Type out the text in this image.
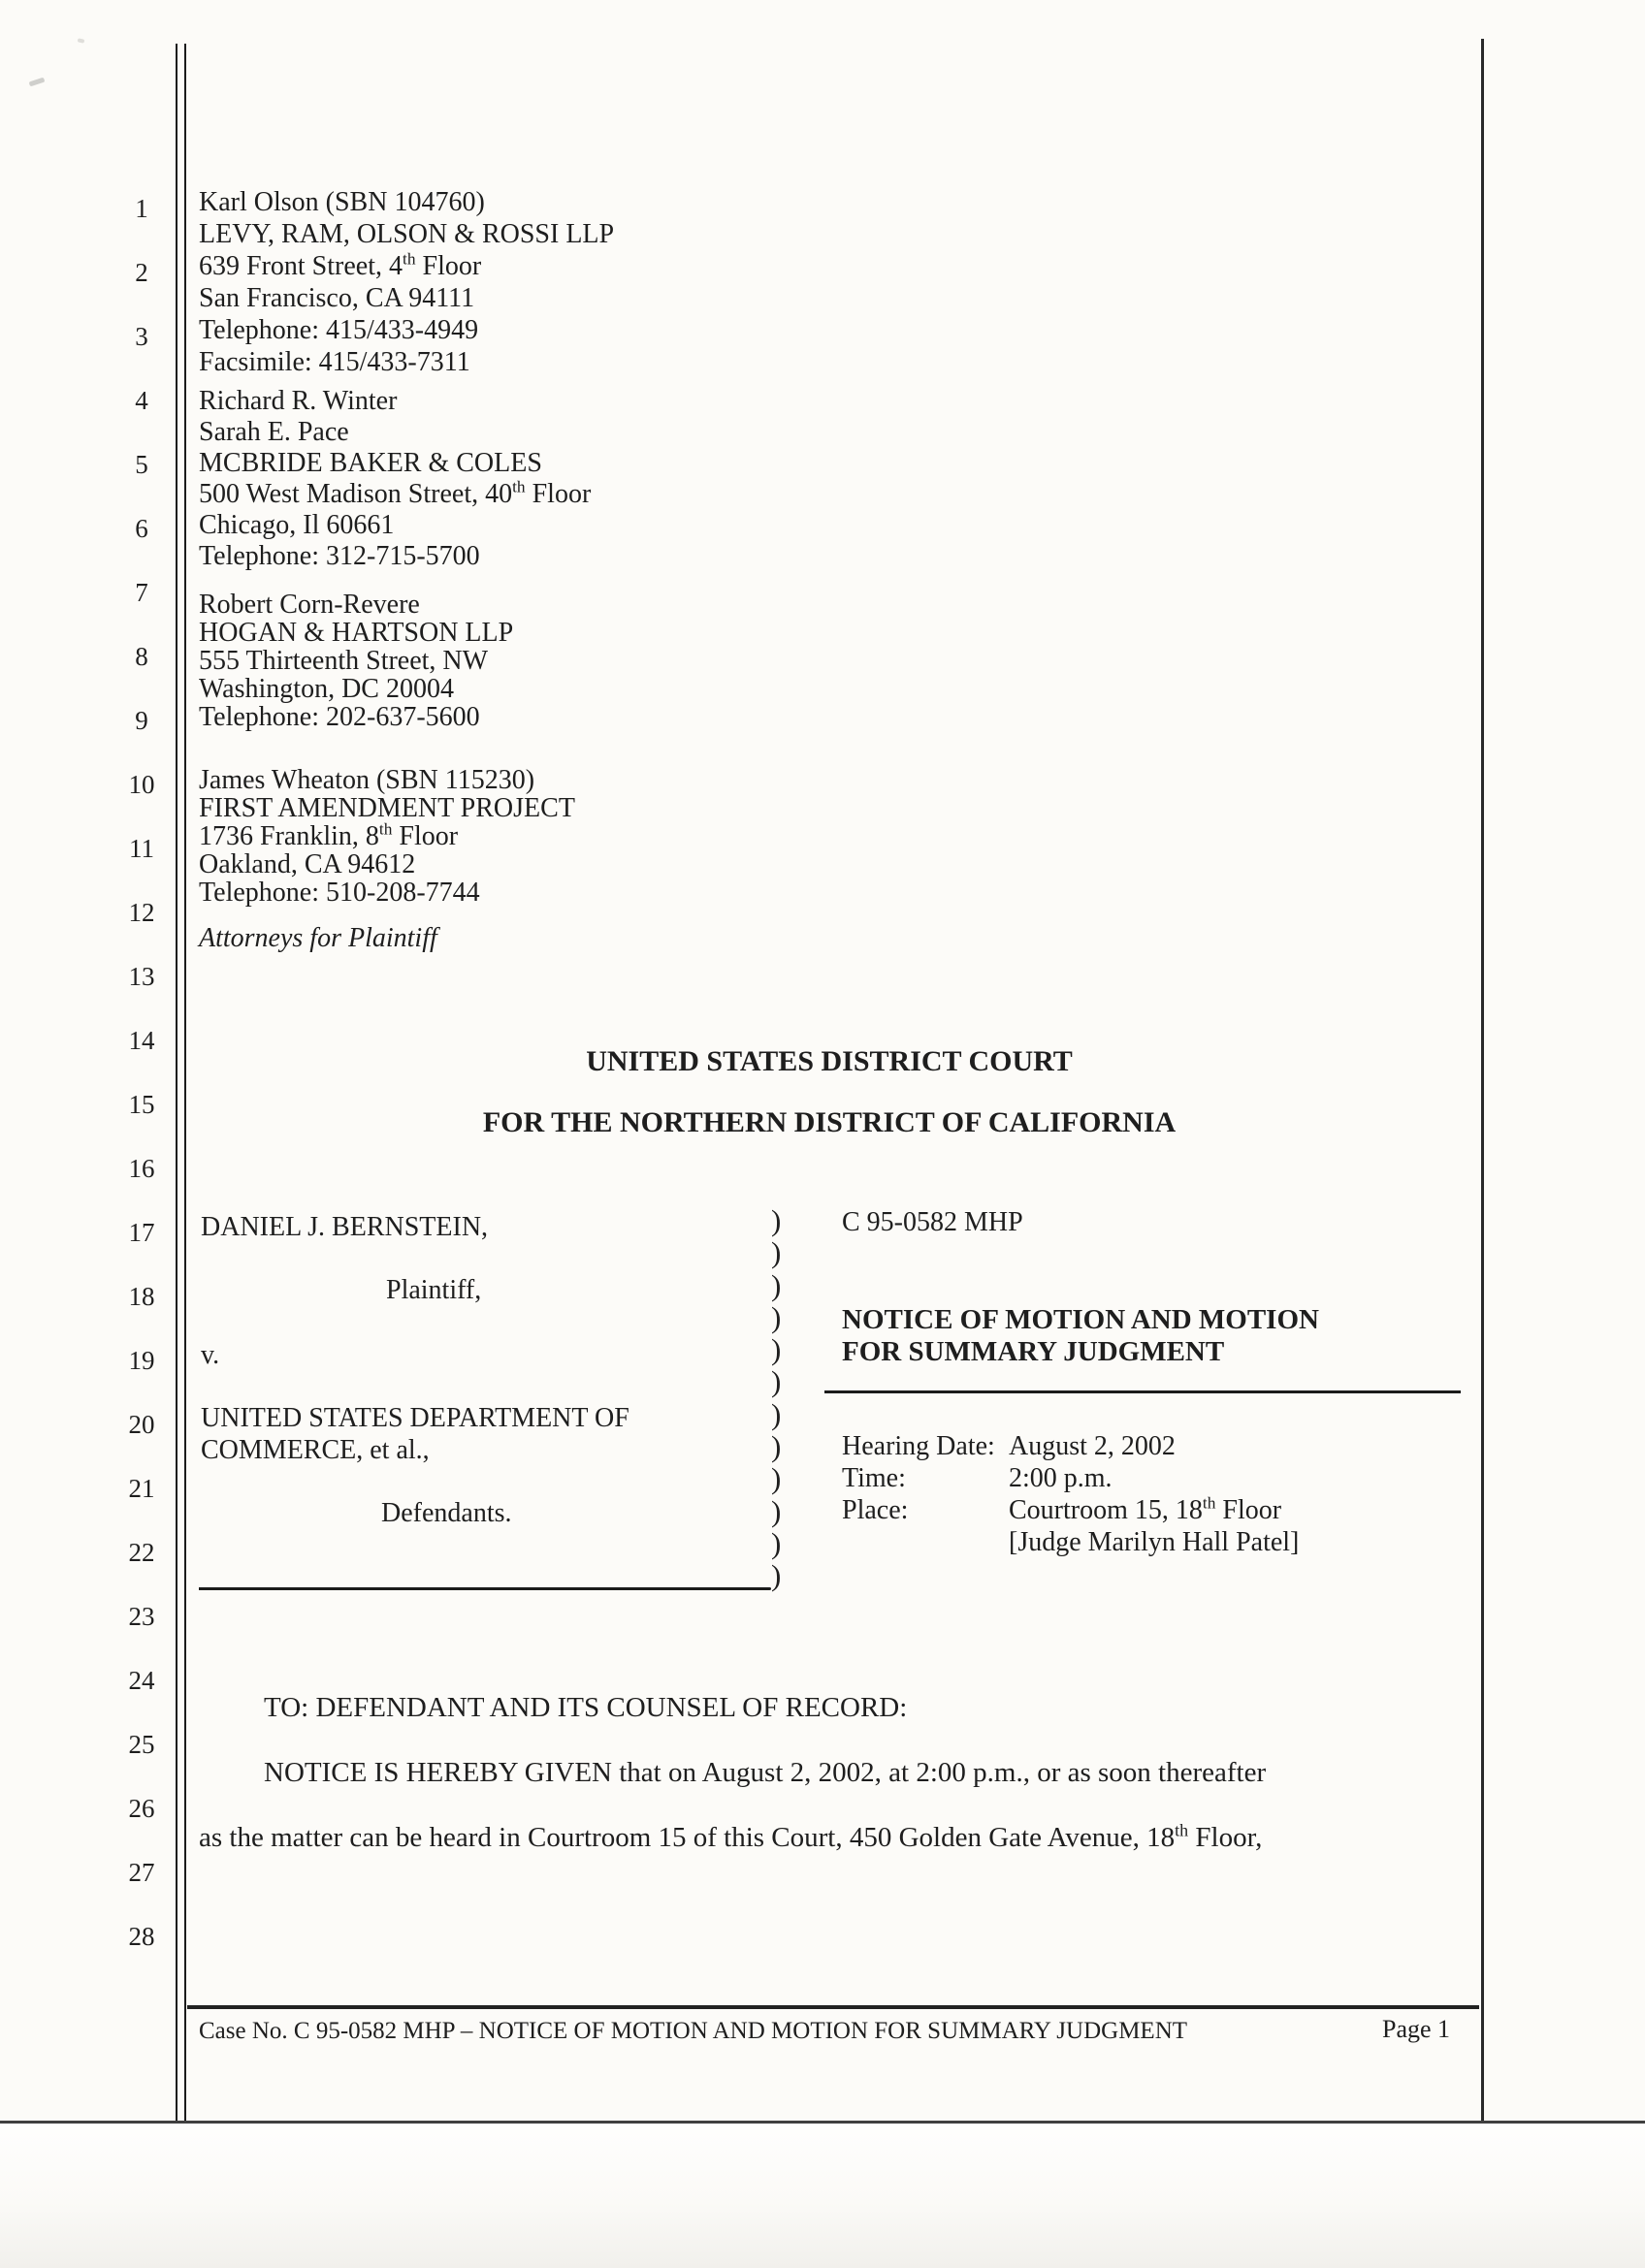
1
2
3
4
5
6
7
8
9
10
11
12
13
14
15
16
17
18
19
20
21
22
23
24
25
26
27
28
Karl Olson (SBN 104760)
LEVY, RAM, OLSON & ROSSI LLP
639 Front Street, 4th Floor
San Francisco, CA 94111
Telephone: 415/433-4949
Facsimile: 415/433-7311
Richard R. Winter
Sarah E. Pace
MCBRIDE BAKER & COLES
500 West Madison Street, 40th Floor
Chicago, Il 60661
Telephone: 312-715-5700
Robert Corn-Revere
HOGAN & HARTSON LLP
555 Thirteenth Street, NW
Washington, DC 20004
Telephone: 202-637-5600
James Wheaton (SBN 115230)
FIRST AMENDMENT PROJECT
1736 Franklin, 8th Floor
Oakland, CA 94612
Telephone: 510-208-7744
Attorneys for Plaintiff
UNITED STATES DISTRICT COURT
FOR THE NORTHERN DISTRICT OF CALIFORNIA
DANIEL J. BERNSTEIN,
Plaintiff,
v.
UNITED STATES DEPARTMENT OF
COMMERCE, et al.,
Defendants.
)
)
)
)
)
)
)
)
)
)
)
)
C 95-0582 MHP
NOTICE OF MOTION AND MOTION
FOR SUMMARY JUDGMENT
Hearing Date: August 2, 2002
Time:	2:00 p.m.
Place:	Courtroom 15, 18th Floor
[Judge Marilyn Hall Patel]
TO: DEFENDANT AND ITS COUNSEL OF RECORD:
NOTICE IS HEREBY GIVEN that on August 2, 2002, at 2:00 p.m., or as soon thereafter
as the matter can be heard in Courtroom 15 of this Court, 450 Golden Gate Avenue, 18th Floor,
Case No. C 95-0582 MHP – NOTICE OF MOTION AND MOTION FOR SUMMARY JUDGMENT	Page 1
